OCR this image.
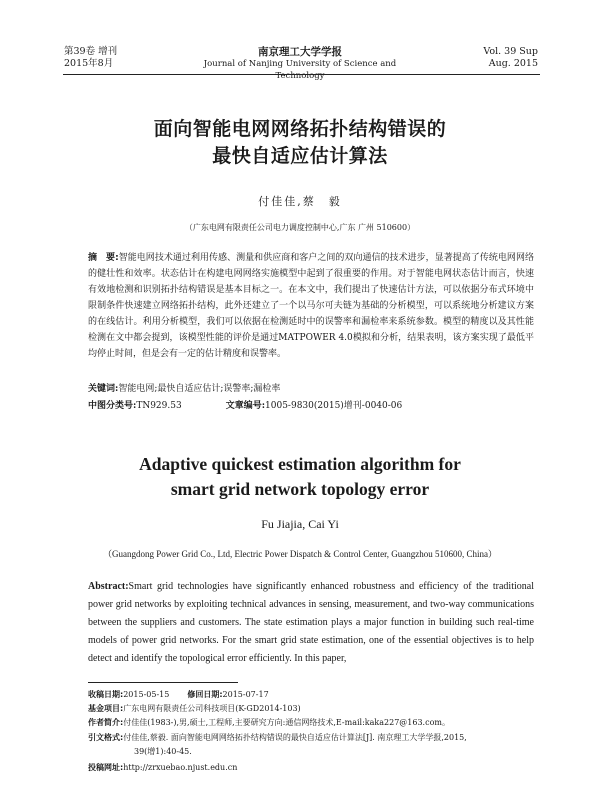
第39卷 增刊
2015年8月
南京理工大学学报
Journal of Nanjing University of Science and Technology
Vol. 39 Sup
Aug. 2015
面向智能电网网络拓扑结构错误的
最快自适应估计算法
付佳佳,蔡　毅
（广东电网有限责任公司电力调度控制中心,广东 广州 510600）
摘　要:智能电网技术通过利用传感、测量和供应商和客户之间的双向通信的技术进步，显著提高了传统电网网络的健壮性和效率。状态估计在构建电网网络实施模型中起到了很重要的作用。对于智能电网状态估计而言，快速有效地检测和识别拓扑结构错误是基本目标之一。在本文中，我们提出了快速估计方法，可以依据分布式环境中限制条件快速建立网络拓扑结构，此外还建立了一个以马尔可夫链为基础的分析模型，可以系统地分析建议方案的在线估计。利用分析模型，我们可以依据在检测延时中的误警率和漏检率来系统参数。模型的精度以及其性能检测在文中都会提到，该模型性能的评价是通过MATPOWER 4.0模拟和分析，结果表明，该方案实现了最低平均停止时间，但是会有一定的估计精度和误警率。
关键词:智能电网;最快自适应估计;误警率;漏检率
中图分类号:TN929.53	文章编号:1005-9830(2015)增刊-0040-06
Adaptive quickest estimation algorithm for
smart grid network topology error
Fu Jiajia, Cai Yi
（Guangdong Power Grid Co., Ltd, Electric Power Dispatch & Control Center, Guangzhou 510600, China）
Abstract:Smart grid technologies have significantly enhanced robustness and efficiency of the traditional power grid networks by exploiting technical advances in sensing, measurement, and two-way communications between the suppliers and customers. The state estimation plays a major function in building such real-time models of power grid networks. For the smart grid state estimation, one of the essential objectives is to help detect and identify the topological error efficiently. In this paper,
收稿日期:2015-05-15 修回日期:2015-07-17
基金项目:广东电网有限责任公司科技项目(K-GD2014-103)
作者简介:付佳佳(1983-),男,硕士,工程师,主要研究方向:通信网络技术,E-mail:kaka227@163.com。
引文格式:付佳佳,蔡毅. 面向智能电网网络拓扑结构错误的最快自适应估计算法[J]. 南京理工大学学报,2015,
39(增1):40-45.
投稿网址:http://zrxuebao.njust.edu.cn
